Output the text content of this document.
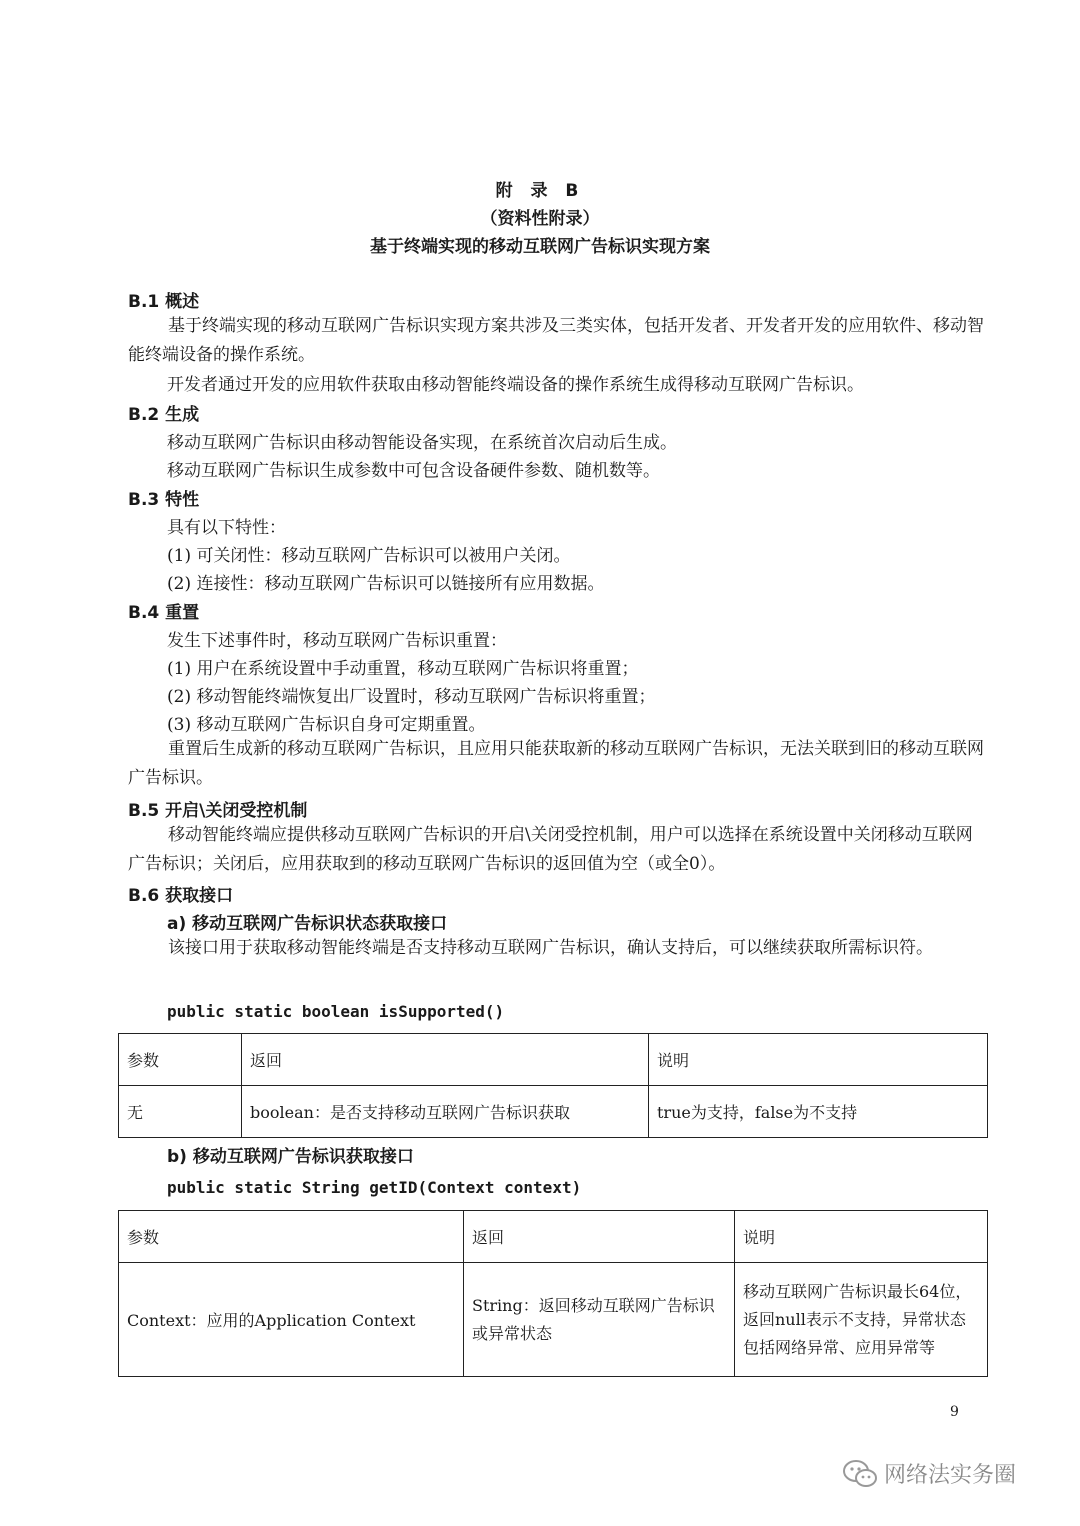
附 录 B
（资料性附录）
基于终端实现的移动互联网广告标识实现方案
B.1 概述
基于终端实现的移动互联网广告标识实现方案共涉及三类实体，包括开发者、开发者开发的应用软件、移动智能终端设备的操作系统。
开发者通过开发的应用软件获取由移动智能终端设备的操作系统生成得移动互联网广告标识。
B.2 生成
移动互联网广告标识由移动智能设备实现，在系统首次启动后生成。
移动互联网广告标识生成参数中可包含设备硬件参数、随机数等。
B.3 特性
具有以下特性：
(1) 可关闭性：移动互联网广告标识可以被用户关闭。
(2) 连接性：移动互联网广告标识可以链接所有应用数据。
B.4 重置
发生下述事件时，移动互联网广告标识重置：
(1) 用户在系统设置中手动重置，移动互联网广告标识将重置；
(2) 移动智能终端恢复出厂设置时，移动互联网广告标识将重置；
(3) 移动互联网广告标识自身可定期重置。
重置后生成新的移动互联网广告标识，且应用只能获取新的移动互联网广告标识，无法关联到旧的移动互联网广告标识。
B.5 开启\关闭受控机制
移动智能终端应提供移动互联网广告标识的开启\关闭受控机制，用户可以选择在系统设置中关闭移动互联网广告标识；关闭后，应用获取到的移动互联网广告标识的返回值为空（或全0）。
B.6 获取接口
a) 移动互联网广告标识状态获取接口
该接口用于获取移动智能终端是否支持移动互联网广告标识，确认支持后，可以继续获取所需标识符。
public static boolean isSupported()
参数	返回	说明
无	boolean：是否支持移动互联网广告标识获取	true为支持，false为不支持
b) 移动互联网广告标识获取接口
public static String getID(Context context)
参数	返回	说明
Context：应用的Application Context	String：返回移动互联网广告标识或异常状态	移动互联网广告标识最长64位，返回null表示不支持，异常状态包括网络异常、应用异常等
9
网络法实务圈
